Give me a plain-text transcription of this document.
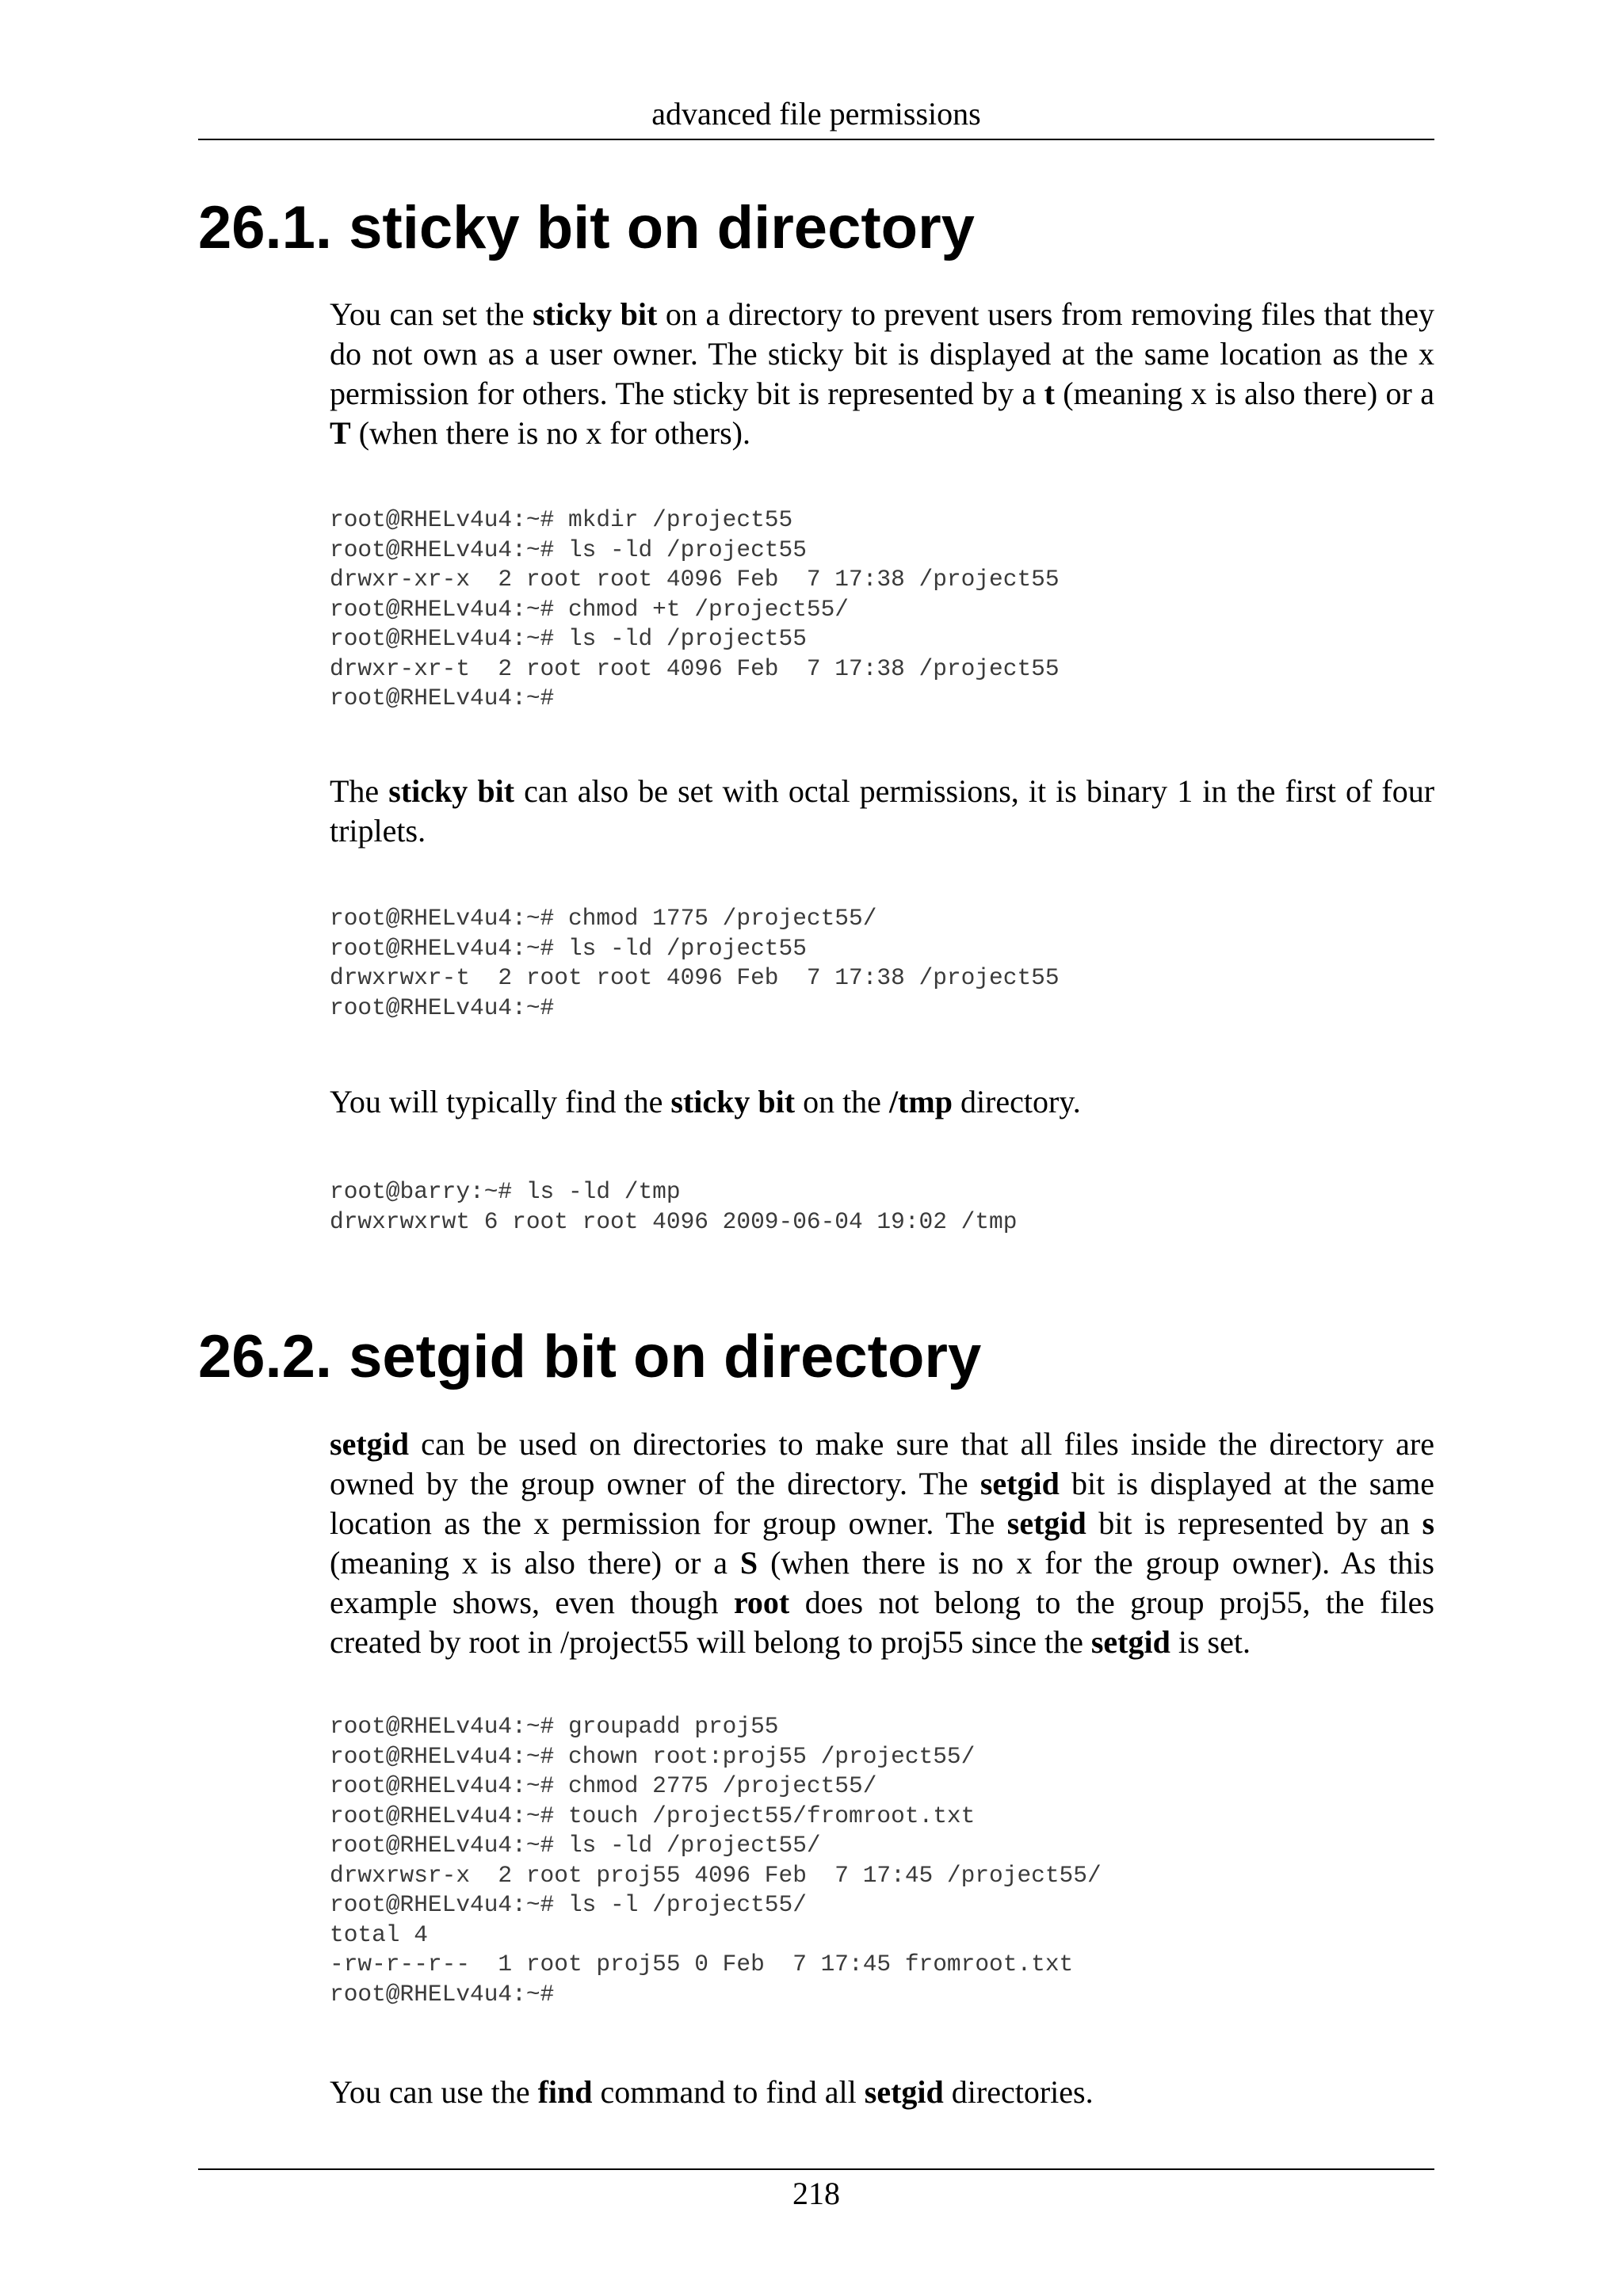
advanced file permissions
26.1. sticky bit on directory

You can set the sticky bit on a directory to prevent users from removing files that they do not own as a user owner. The sticky bit is displayed at the same location as the x permission for others. The sticky bit is represented by a t (meaning x is also there) or a T (when there is no x for others).

root@RHELv4u4:~# mkdir /project55
root@RHELv4u4:~# ls -ld /project55
drwxr-xr-x  2 root root 4096 Feb  7 17:38 /project55
root@RHELv4u4:~# chmod +t /project55/
root@RHELv4u4:~# ls -ld /project55
drwxr-xr-t  2 root root 4096 Feb  7 17:38 /project55
root@RHELv4u4:~#

The sticky bit can also be set with octal permissions, it is binary 1 in the first of four triplets.

root@RHELv4u4:~# chmod 1775 /project55/
root@RHELv4u4:~# ls -ld /project55
drwxrwxr-t  2 root root 4096 Feb  7 17:38 /project55
root@RHELv4u4:~#

You will typically find the sticky bit on the /tmp directory.

root@barry:~# ls -ld /tmp
drwxrwxrwt 6 root root 4096 2009-06-04 19:02 /tmp
26.2. setgid bit on directory

setgid can be used on directories to make sure that all files inside the directory are owned by the group owner of the directory. The setgid bit is displayed at the same location as the x permission for group owner. The setgid bit is represented by an s (meaning x is also there) or a S (when there is no x for the group owner). As this example shows, even though root does not belong to the group proj55, the files created by root in /project55 will belong to proj55 since the setgid is set.

root@RHELv4u4:~# groupadd proj55
root@RHELv4u4:~# chown root:proj55 /project55/
root@RHELv4u4:~# chmod 2775 /project55/
root@RHELv4u4:~# touch /project55/fromroot.txt
root@RHELv4u4:~# ls -ld /project55/
drwxrwsr-x  2 root proj55 4096 Feb  7 17:45 /project55/
root@RHELv4u4:~# ls -l /project55/
total 4
-rw-r--r--  1 root proj55 0 Feb  7 17:45 fromroot.txt
root@RHELv4u4:~#

You can use the find command to find all setgid directories.

218
